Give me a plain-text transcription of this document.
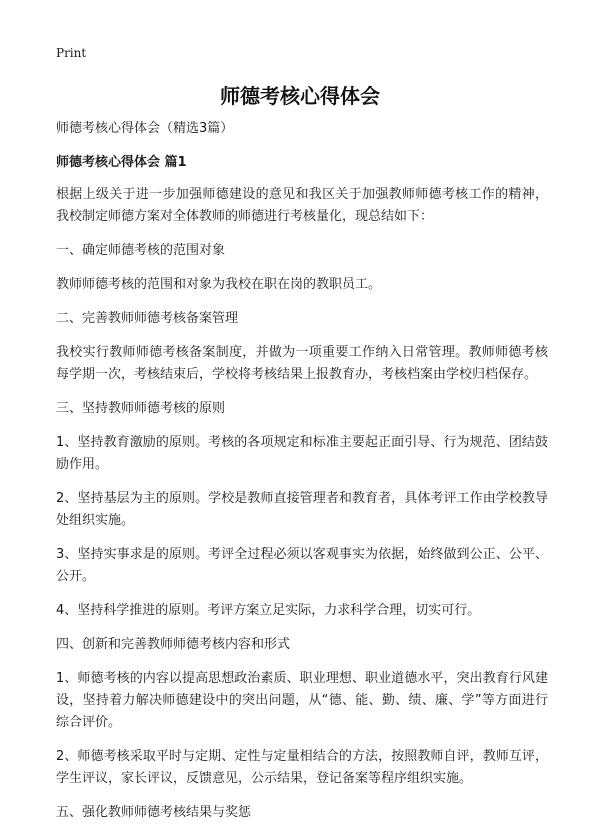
Print
师德考核心得体会

师德考核心得体会（精选3篇）

师德考核心得体会 篇1

根据上级关于进一步加强师德建设的意见和我区关于加强教师师德考核工作的精神，我校制定师德方案对全体教师的师德进行考核量化，现总结如下：

一、确定师德考核的范围对象

教师师德考核的范围和对象为我校在职在岗的教职员工。

二、完善教师师德考核备案管理

我校实行教师师德考核备案制度，并做为一项重要工作纳入日常管理。教师师德考核每学期一次，考核结束后，学校将考核结果上报教育办，考核档案由学校归档保存。

三、坚持教师师德考核的原则

1、坚持教育激励的原则。考核的各项规定和标准主要起正面引导、行为规范、团结鼓励作用。

2、坚持基层为主的原则。学校是教师直接管理者和教育者，具体考评工作由学校教导处组织实施。

3、坚持实事求是的原则。考评全过程必须以客观事实为依据，始终做到公正、公平、公开。

4、坚持科学推进的原则。考评方案立足实际，力求科学合理，切实可行。

四、创新和完善教师师德考核内容和形式

1、师德考核的内容以提高思想政治素质、职业理想、职业道德水平，突出教育行风建设，坚持着力解决师德建设中的突出问题，从“德、能、勤、绩、廉、学”等方面进行综合评价。

2、师德考核采取平时与定期、定性与定量相结合的方法，按照教师自评，教师互评，学生评议，家长评议，反馈意见，公示结果，登记备案等程序组织实施。

五、强化教师师德考核结果与奖惩
